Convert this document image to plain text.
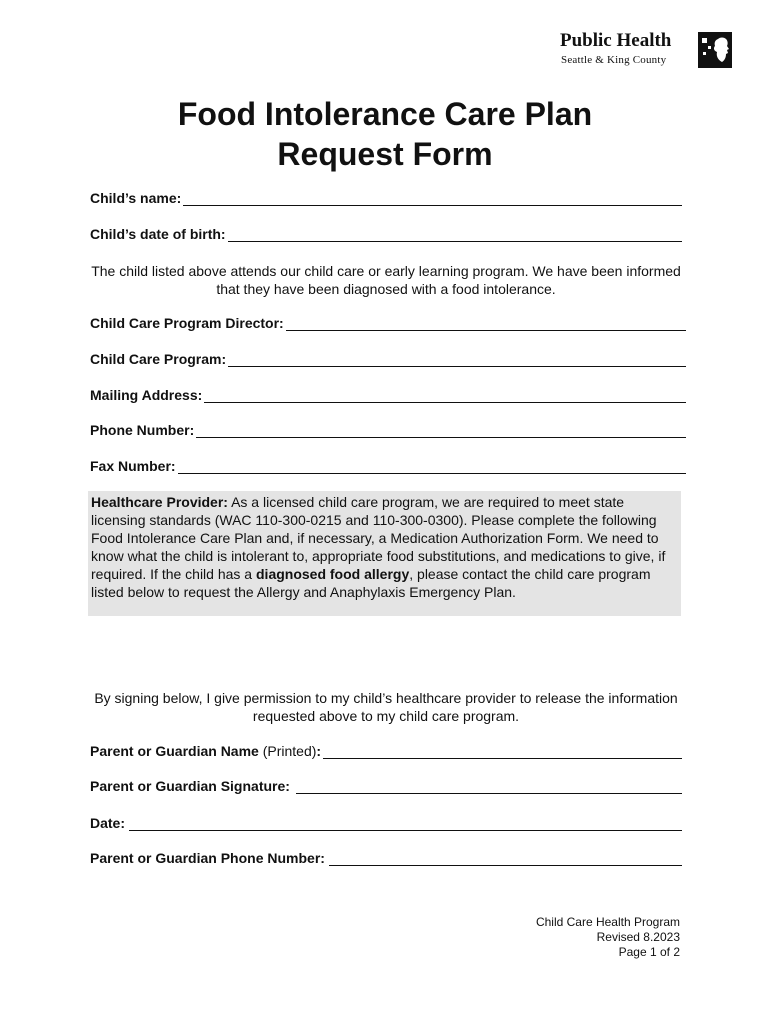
Public Health
Seattle & King County
Food Intolerance Care Plan
Request Form
Child’s name:
Child’s date of birth:
The child listed above attends our child care or early learning program. We have been informed that they have been diagnosed with a food intolerance.
Child Care Program Director:
Child Care Program:
Mailing Address:
Phone Number:
Fax Number:
Healthcare Provider: As a licensed child care program, we are required to meet state licensing standards (WAC 110-300-0215 and 110-300-0300). Please complete the following Food Intolerance Care Plan and, if necessary, a Medication Authorization Form. We need to know what the child is intolerant to, appropriate food substitutions, and medications to give, if required. If the child has a diagnosed food allergy, please contact the child care program listed below to request the Allergy and Anaphylaxis Emergency Plan.
By signing below, I give permission to my child’s healthcare provider to release the information requested above to my child care program.
Parent or Guardian Name (Printed):
Parent or Guardian Signature:
Date:
Parent or Guardian Phone Number:
Child Care Health Program
Revised 8.2023
Page 1 of 2
